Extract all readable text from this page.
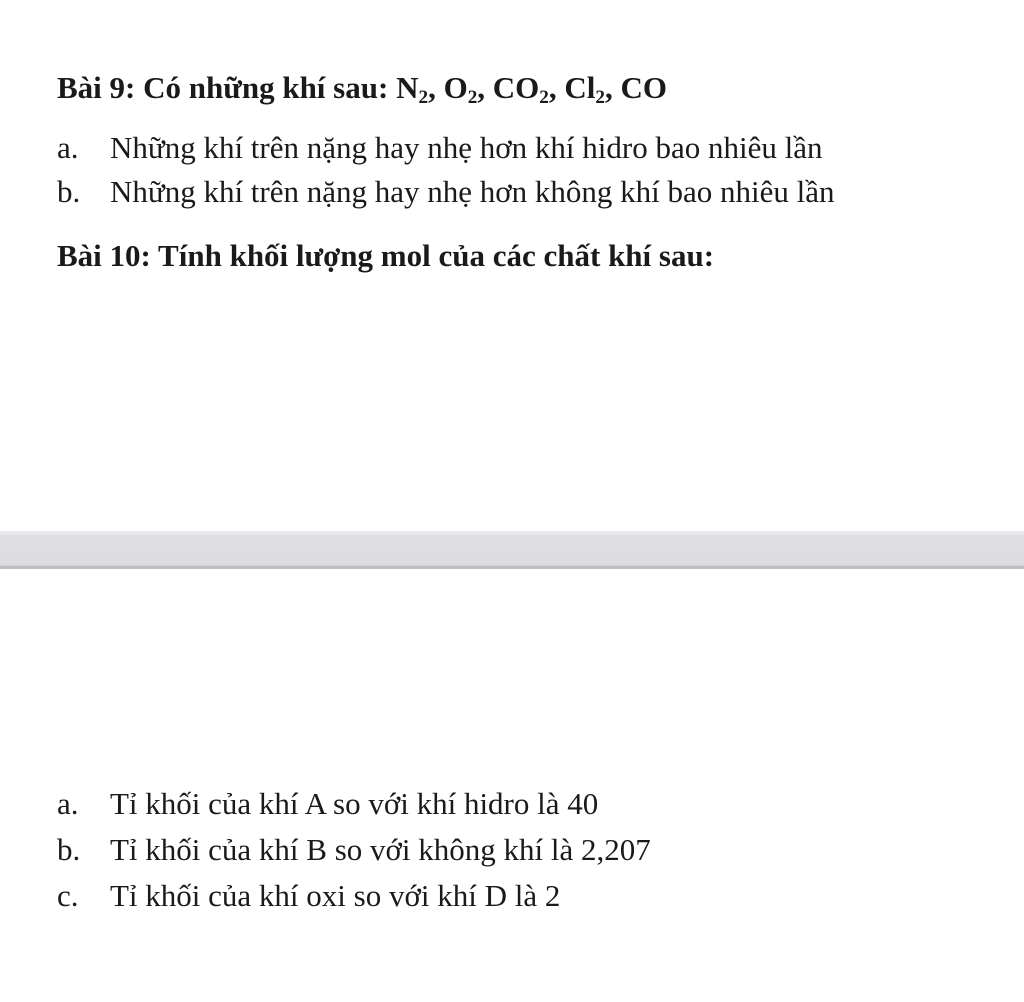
Bài 9: Có những khí sau: $N_2$, $O_2$, $CO_2$, $Cl_2$, CO
a. Những khí trên nặng hay nhẹ hơn khí hidro bao nhiêu lần
b. Những khí trên nặng hay nhẹ hơn không khí bao nhiêu lần
Bài 10: Tính khối lượng mol của các chất khí sau:
a. Tỉ khối của khí A so với khí hidro là 40
b. Tỉ khối của khí B so với không khí là 2,207
c. Tỉ khối của khí oxi so với khí D là 2
